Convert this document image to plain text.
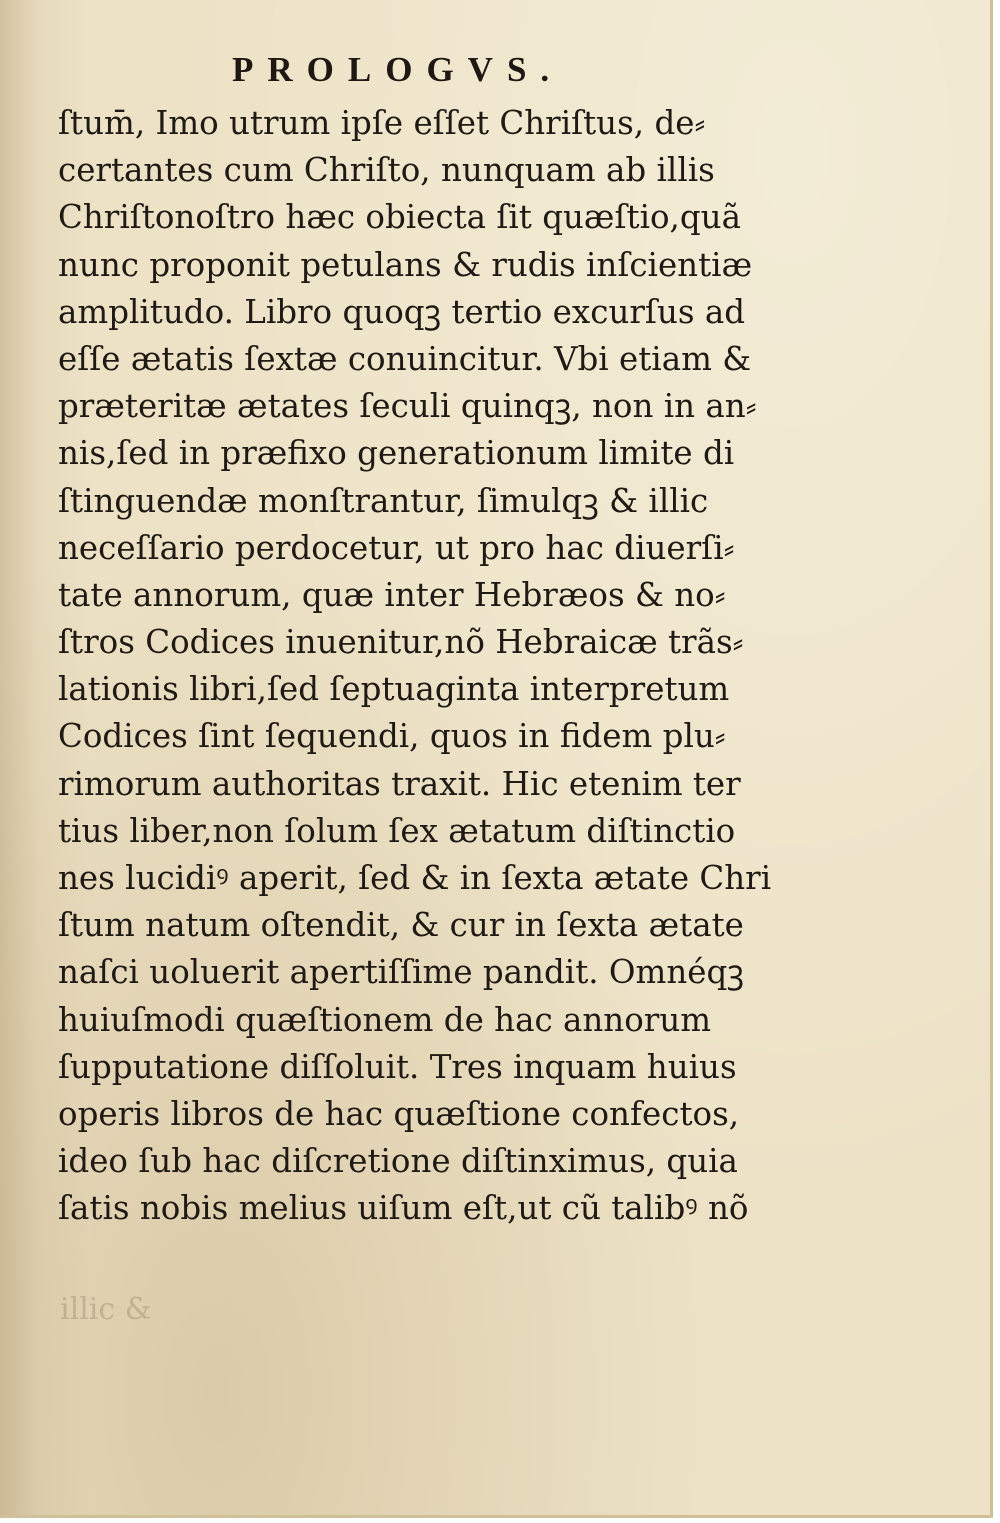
PROLOGVS.
ſtum̄, Imo utrum ipſe eſſet Chriſtus, de⸗
certantes cum Chriſto, nunquam ab illis
Chriſtonoſtro hæc obiecta ſit quæſtio,quã
nunc proponit petulans & rudis inſcientiæ
amplitudo. Libro quoqꝫ tertio excurſus ad
eſſe ætatis ſextæ conuincitur. Vbi etiam &
præteritæ ætates ſeculi quinqꝫ, non in an⸗
nis,ſed in præfixo generationum limite di
ſtinguendæ monſtrantur, ſimulqꝫ & illic
neceſſario perdocetur, ut pro hac diuerſi⸗
tate annorum, quæ inter Hebræos & no⸗
ſtros Codices inuenitur,nõ Hebraicæ trãs⸗
lationis libri,ſed ſeptuaginta interpretum
Codices ſint ſequendi, quos in fidem plu⸗
rimorum authoritas traxit. Hic etenim ter
tius liber,non ſolum ſex ætatum diſtinctio
nes lucidiꝰ aperit, ſed & in ſexta ætate Chri
ſtum natum oſtendit, & cur in ſexta ætate
naſci uoluerit apertiſſime pandit. Omnéqꝫ
huiuſmodi quæſtionem de hac annorum
ſupputatione diſſoluit. Tres inquam huius
operis libros de hac quæſtione confectos,
ideo ſub hac diſcretione diſtinximus, quia
ſatis nobis melius uiſum eſt,ut cũ talibꝰ nõ
illic &
